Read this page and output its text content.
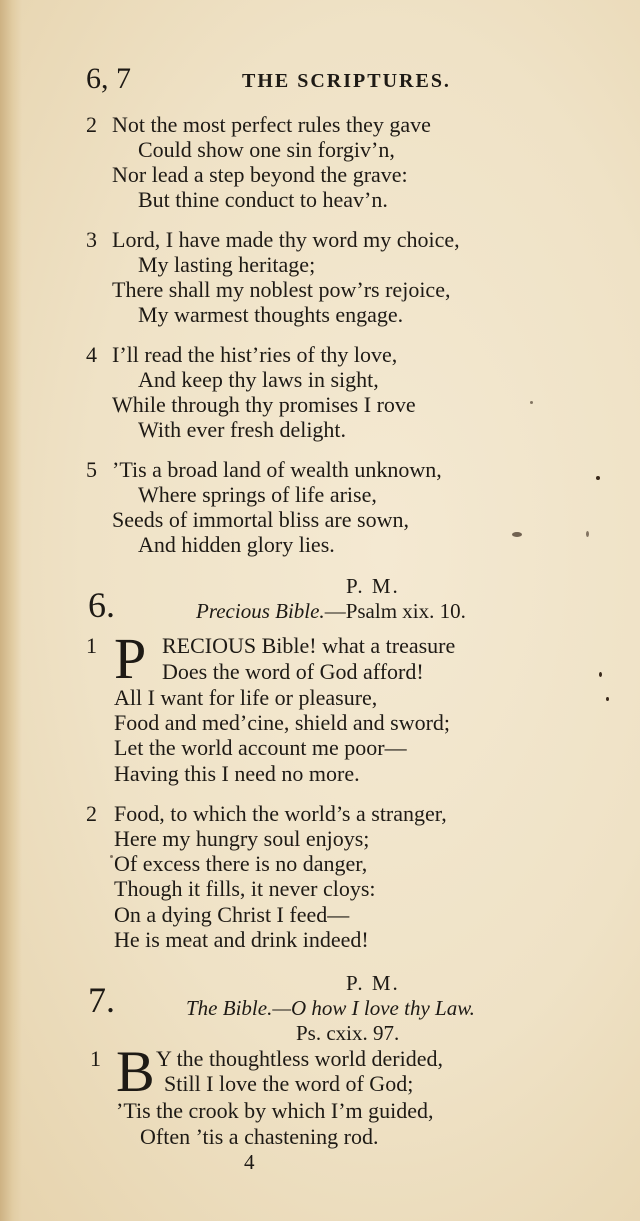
6, 7	THE SCRIPTURES.
2 Not the most perfect rules they gave
Could show one sin forgiv’n,
Nor lead a step beyond the grave:
But thine conduct to heav’n.
3 Lord, I have made thy word my choice,
My lasting heritage;
There shall my noblest pow’rs rejoice,
My warmest thoughts engage.
4 I’ll read the hist’ries of thy love,
And keep thy laws in sight,
While through thy promises I rove
With ever fresh delight.
5 ’Tis a broad land of wealth unknown,
Where springs of life arise,
Seeds of immortal bliss are sown,
And hidden glory lies.
P. M.
6.	Precious Bible.—Psalm xix. 10.
1 P RECIOUS Bible! what a treasure
Does the word of God afford!
All I want for life or pleasure,
Food and med’cine, shield and sword;
Let the world account me poor—
Having this I need no more.
2 Food, to which the world’s a stranger,
Here my hungry soul enjoys;
Of excess there is no danger,
Though it fills, it never cloys:
On a dying Christ I feed—
He is meat and drink indeed!
P. M.
7.	The Bible.—O how I love thy Law.
Ps. cxix. 97.
1 B Y the thoughtless world derided,
Still I love the word of God;
’Tis the crook by which I’m guided,
Often ’tis a chastening rod.
4
